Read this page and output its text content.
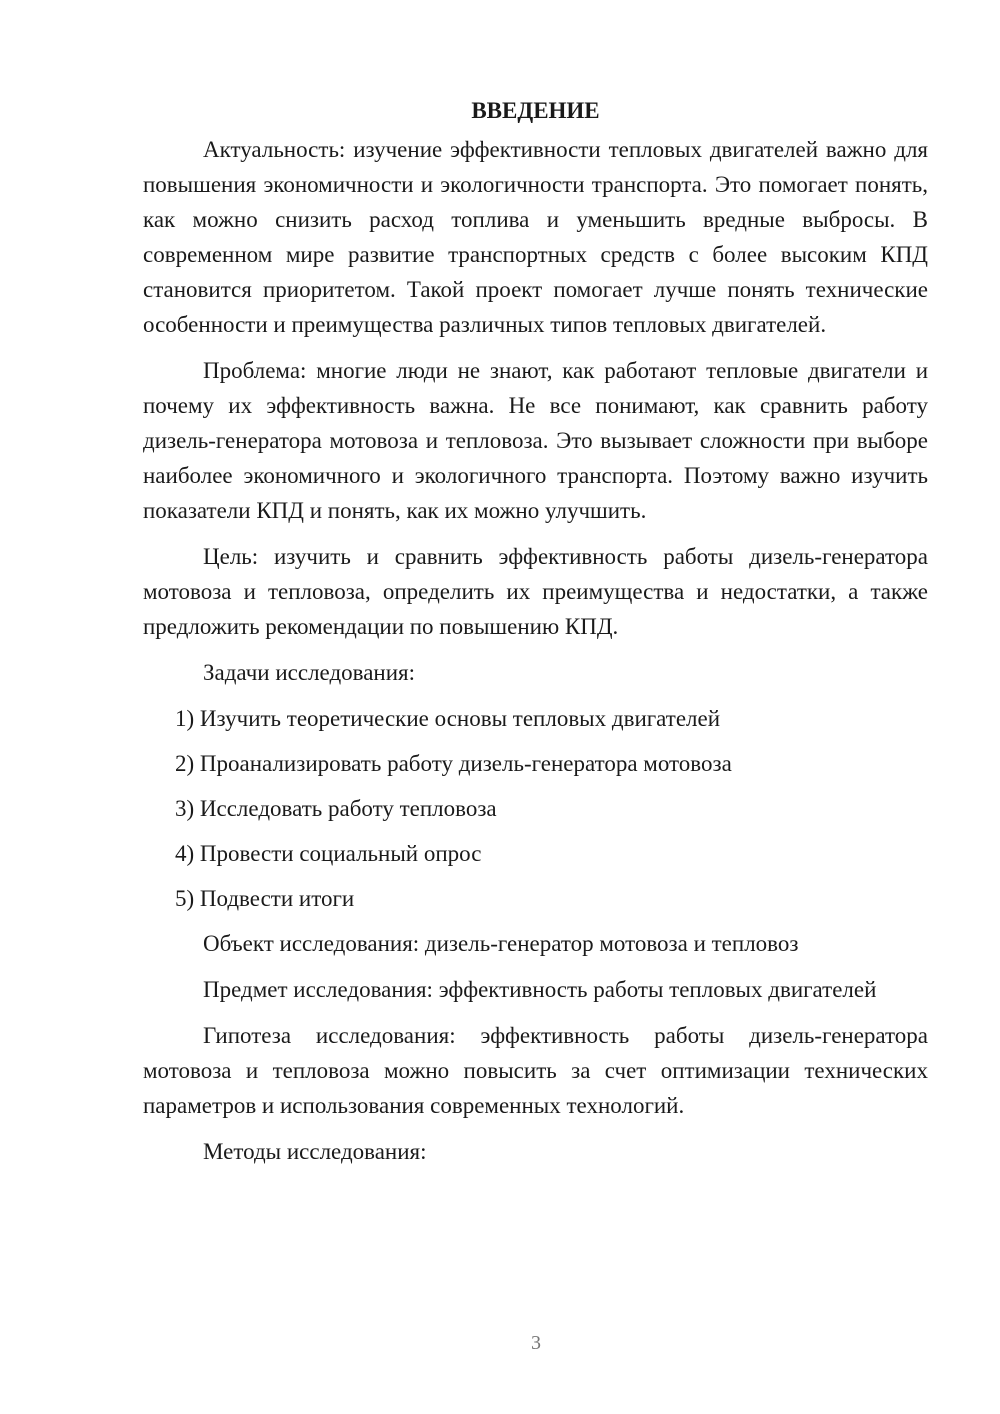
ВВЕДЕНИЕ

Актуальность: изучение эффективности тепловых двигателей важно для повышения экономичности и экологичности транспорта. Это помогает понять, как можно снизить расход топлива и уменьшить вредные выбросы. В современном мире развитие транспортных средств с более высоким КПД становится приоритетом. Такой проект помогает лучше понять технические особенности и преимущества различных типов тепловых двигателей.

Проблема: многие люди не знают, как работают тепловые двигатели и почему их эффективность важна. Не все понимают, как сравнить работу дизель-генератора мотовоза и тепловоза. Это вызывает сложности при выборе наиболее экономичного и экологичного транспорта. Поэтому важно изучить показатели КПД и понять, как их можно улучшить.

Цель: изучить и сравнить эффективность работы дизель-генератора мотовоза и тепловоза, определить их преимущества и недостатки, а также предложить рекомендации по повышению КПД.

Задачи исследования:

1) Изучить теоретические основы тепловых двигателей
2) Проанализировать работу дизель-генератора мотовоза
3) Исследовать работу тепловоза
4) Провести социальный опрос
5) Подвести итоги

Объект исследования: дизель-генератор мотовоза и тепловоз

Предмет исследования: эффективность работы тепловых двигателей

Гипотеза исследования: эффективность работы дизель-генератора мотовоза и тепловоза можно повысить за счет оптимизации технических параметров и использования современных технологий.

Методы исследования:

3
